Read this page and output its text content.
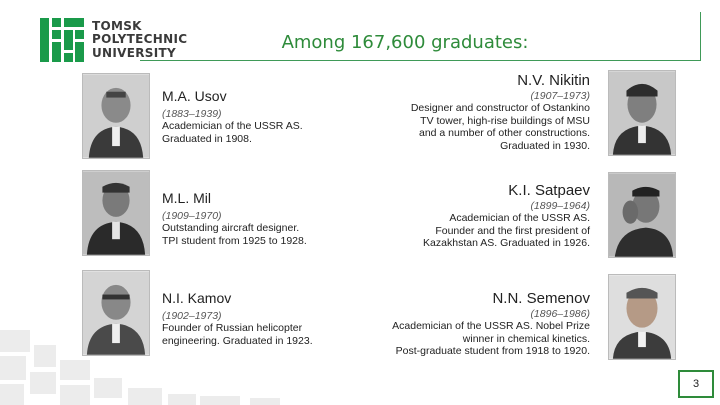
TOMSK
POLYTECHNIC
UNIVERSITY	Among 167,600 graduates:
M.A. Usov
(1883–1939)
Academician of the USSR AS.
Graduated in 1908.
M.L. Mil
(1909–1970)
Outstanding aircraft designer.
TPI student from 1925 to 1928.
N.I. Kamov
(1902–1973)
Founder of Russian helicopter
engineering. Graduated in 1923.
N.V. Nikitin
(1907–1973)
Designer and constructor of Ostankino
TV tower, high-rise buildings of MSU
and a number of other constructions.
Graduated in 1930.
K.I. Satpaev
(1899–1964)
Academician of the USSR AS.
Founder and the first president of
Kazakhstan AS. Graduated in 1926.
N.N. Semenov
(1896–1986)
Academician of the USSR AS. Nobel Prize
winner in chemical kinetics.
Post-graduate student from 1918 to 1920.
3
